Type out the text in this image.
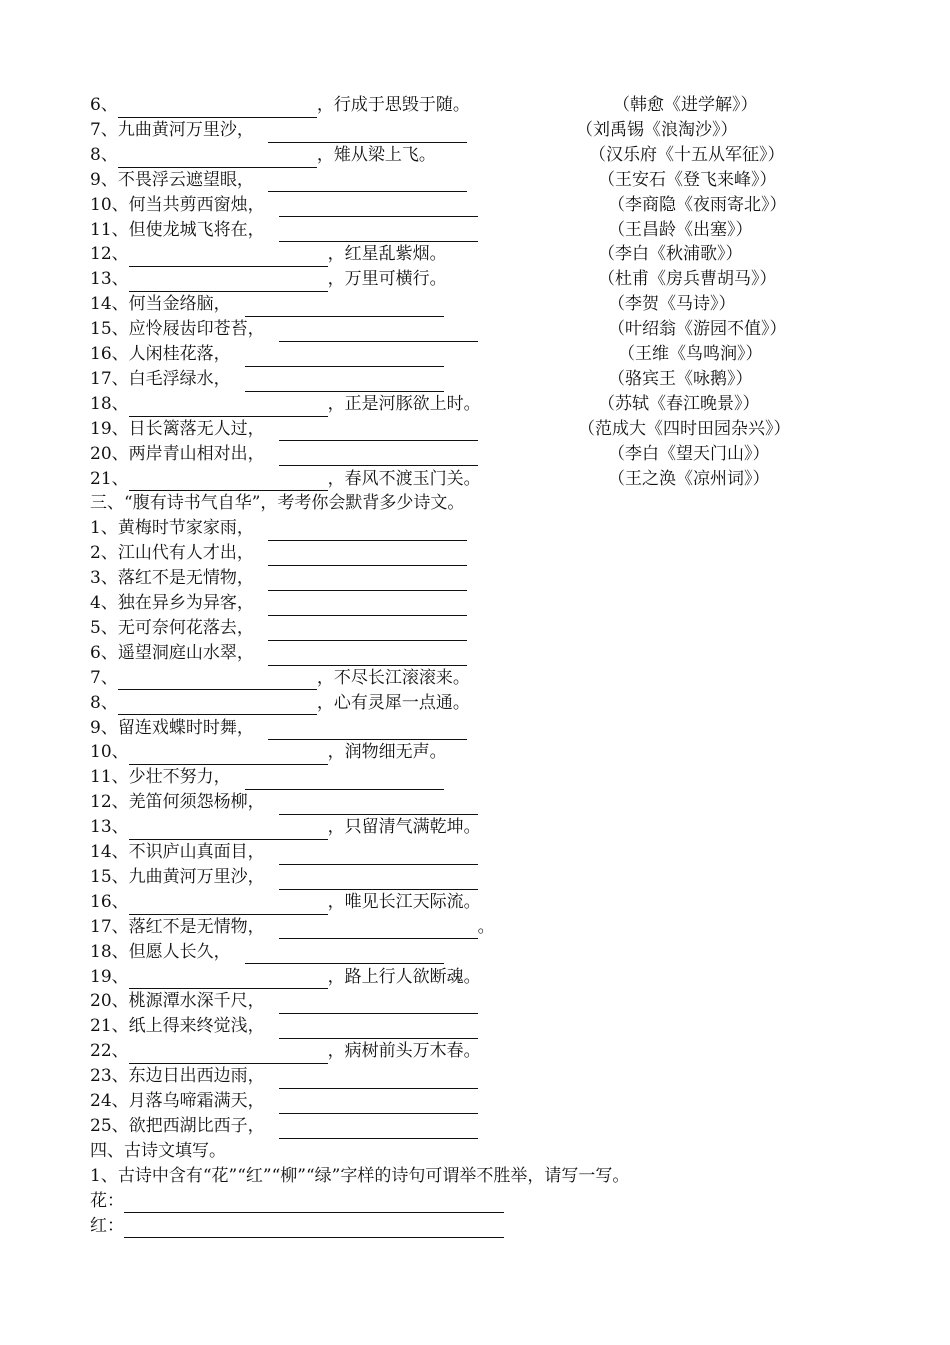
6、	，行成于思毁于随。	（韩愈《进学解》）
7、九曲黄河万里沙，	（刘禹锡《浪淘沙》）
8、	，雉从梁上飞。	（汉乐府《十五从军征》）
9、不畏浮云遮望眼，	（王安石《登飞来峰》）
10、何当共剪西窗烛，	（李商隐《夜雨寄北》）
11、但使龙城飞将在，	（王昌龄《出塞》）
12、	，红星乱紫烟。	（李白《秋浦歌》）
13、	，万里可横行。	（杜甫《房兵曹胡马》）
14、何当金络脑，	（李贺《马诗》）
15、应怜屐齿印苍苔，	（叶绍翁《游园不值》）
16、人闲桂花落，	（王维《鸟鸣涧》）
17、白毛浮绿水，	（骆宾王《咏鹅》）
18、	，正是河豚欲上时。	（苏轼《春江晚景》）
19、日长篱落无人过，	（范成大《四时田园杂兴》）
20、两岸青山相对出，	（李白《望天门山》）
21、	，春风不渡玉门关。	（王之涣《凉州词》）
三、“腹有诗书气自华”，考考你会默背多少诗文。
1、黄梅时节家家雨，
2、江山代有人才出，
3、落红不是无情物，
4、独在异乡为异客，
5、无可奈何花落去，
6、遥望洞庭山水翠，
7、	，不尽长江滚滚来。
8、	，心有灵犀一点通。
9、留连戏蝶时时舞，
10、	，润物细无声。
11、少壮不努力，
12、羌笛何须怨杨柳，
13、	，只留清气满乾坤。
14、不识庐山真面目，
15、九曲黄河万里沙，
16、	，唯见长江天际流。
17、落红不是无情物，	。
18、但愿人长久，
19、	，路上行人欲断魂。
20、桃源潭水深千尺，
21、纸上得来终觉浅，
22、	，病树前头万木春。
23、东边日出西边雨，
24、月落乌啼霜满天，
25、欲把西湖比西子，
四、古诗文填写。
1、古诗中含有“花”“红”“柳”“绿”字样的诗句可谓举不胜举，请写一写。
花：
红：
